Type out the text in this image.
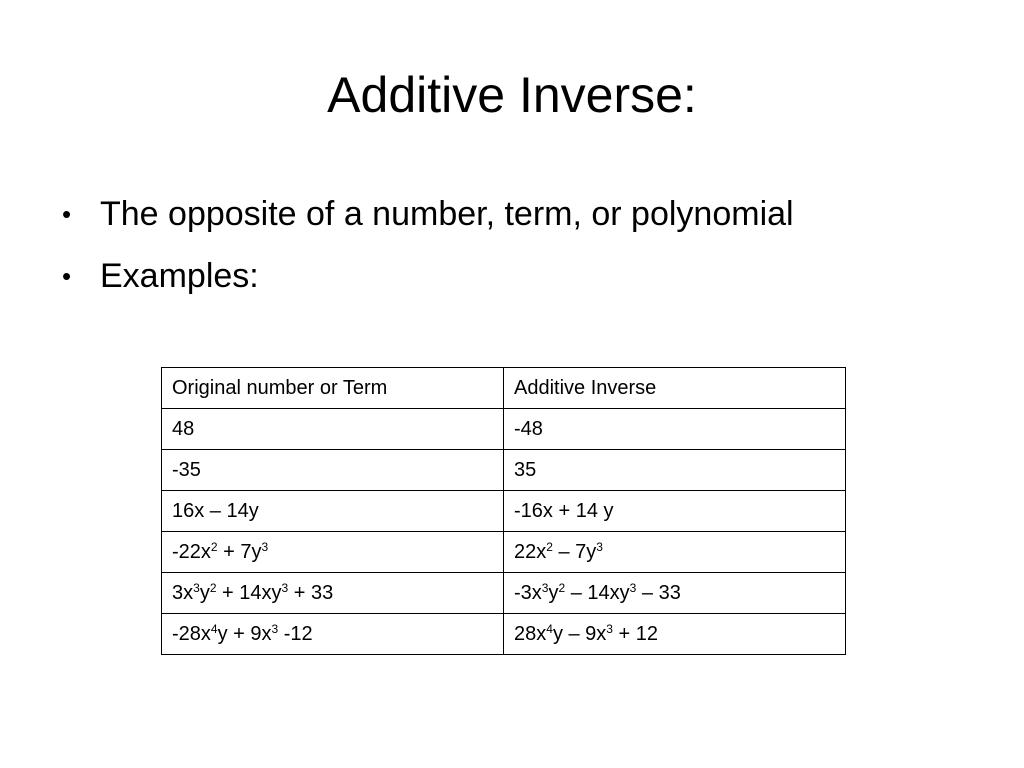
Additive Inverse:
• The opposite of a number, term, or polynomial
• Examples:
Original number or Term	Additive Inverse
48	-48
-35	35
16x – 14y	-16x + 14 y
$-22x^2 + 7y^3$	$22x^2 - 7y^3$
$3x^3y^2 + 14xy^3 + 33$	$-3x^3y^2 - 14xy^3 - 33$
$-28x^4y + 9x^3$ -12	$28x^4y - 9x^3 + 12$
